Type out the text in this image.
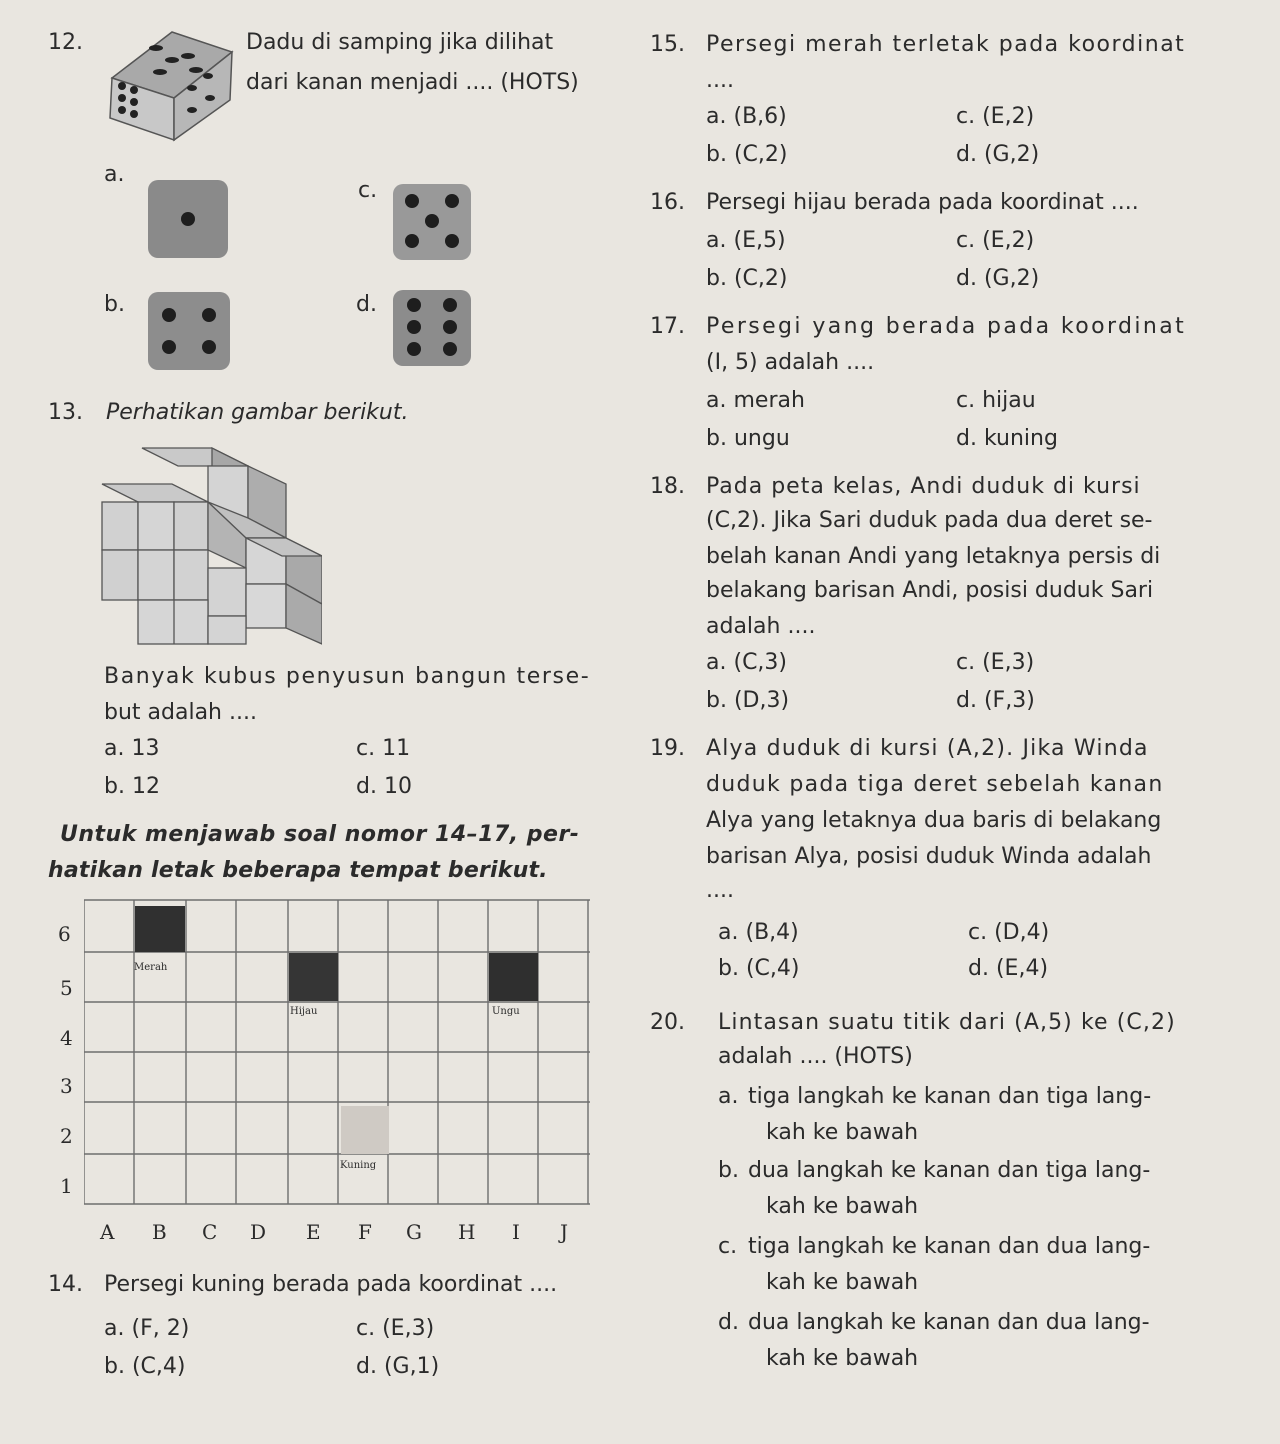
12.	Dadu di samping jika dilihat
dari kanan menjadi .... (HOTS)
a.
c.
b.	d.
13. Perhatikan gambar berikut.
Banyak kubus penyusun bangun terse-
but adalah ....
a. 13
b. 12
c. 11
d. 10
Untuk menjawab soal nomor 14–17, per-
hatikan letak beberapa tempat berikut.
Merah
Hijau	Ungu
Kuning
6
5
4
3
2
1
A B C D E F G H I J
14. Persegi kuning berada pada koordinat ....
a. (F, 2)
b. (C,4)
c. (E,3)
d. (G,1)
15. Persegi merah terletak pada koordinat
....
a. (B,6)
b. (C,2)
c. (E,2)
d. (G,2)
16. Persegi hijau berada pada koordinat ....
a. (E,5)
b. (C,2)
c. (E,2)
d. (G,2)
17. Persegi yang berada pada koordinat
(I, 5) adalah ....
a. merah
b. ungu
c. hijau
d. kuning
18. Pada peta kelas, Andi duduk di kursi
(C,2). Jika Sari duduk pada dua deret se-
belah kanan Andi yang letaknya persis di
belakang barisan Andi, posisi duduk Sari
adalah ....
a. (C,3)
b. (D,3)
c. (E,3)
d. (F,3)
19. Alya duduk di kursi (A,2). Jika Winda
duduk pada tiga deret sebelah kanan
Alya yang letaknya dua baris di belakang
barisan Alya, posisi duduk Winda adalah
....
a. (B,4)
b. (C,4)
c. (D,4)
d. (E,4)
20. Lintasan suatu titik dari (A,5) ke (C,2)
adalah .... (HOTS)
a. tiga langkah ke kanan dan tiga lang-
kah ke bawah
b. dua langkah ke kanan dan tiga lang-
kah ke bawah
c. tiga langkah ke kanan dan dua lang-
kah ke bawah
d. dua langkah ke kanan dan dua lang-
kah ke bawah
